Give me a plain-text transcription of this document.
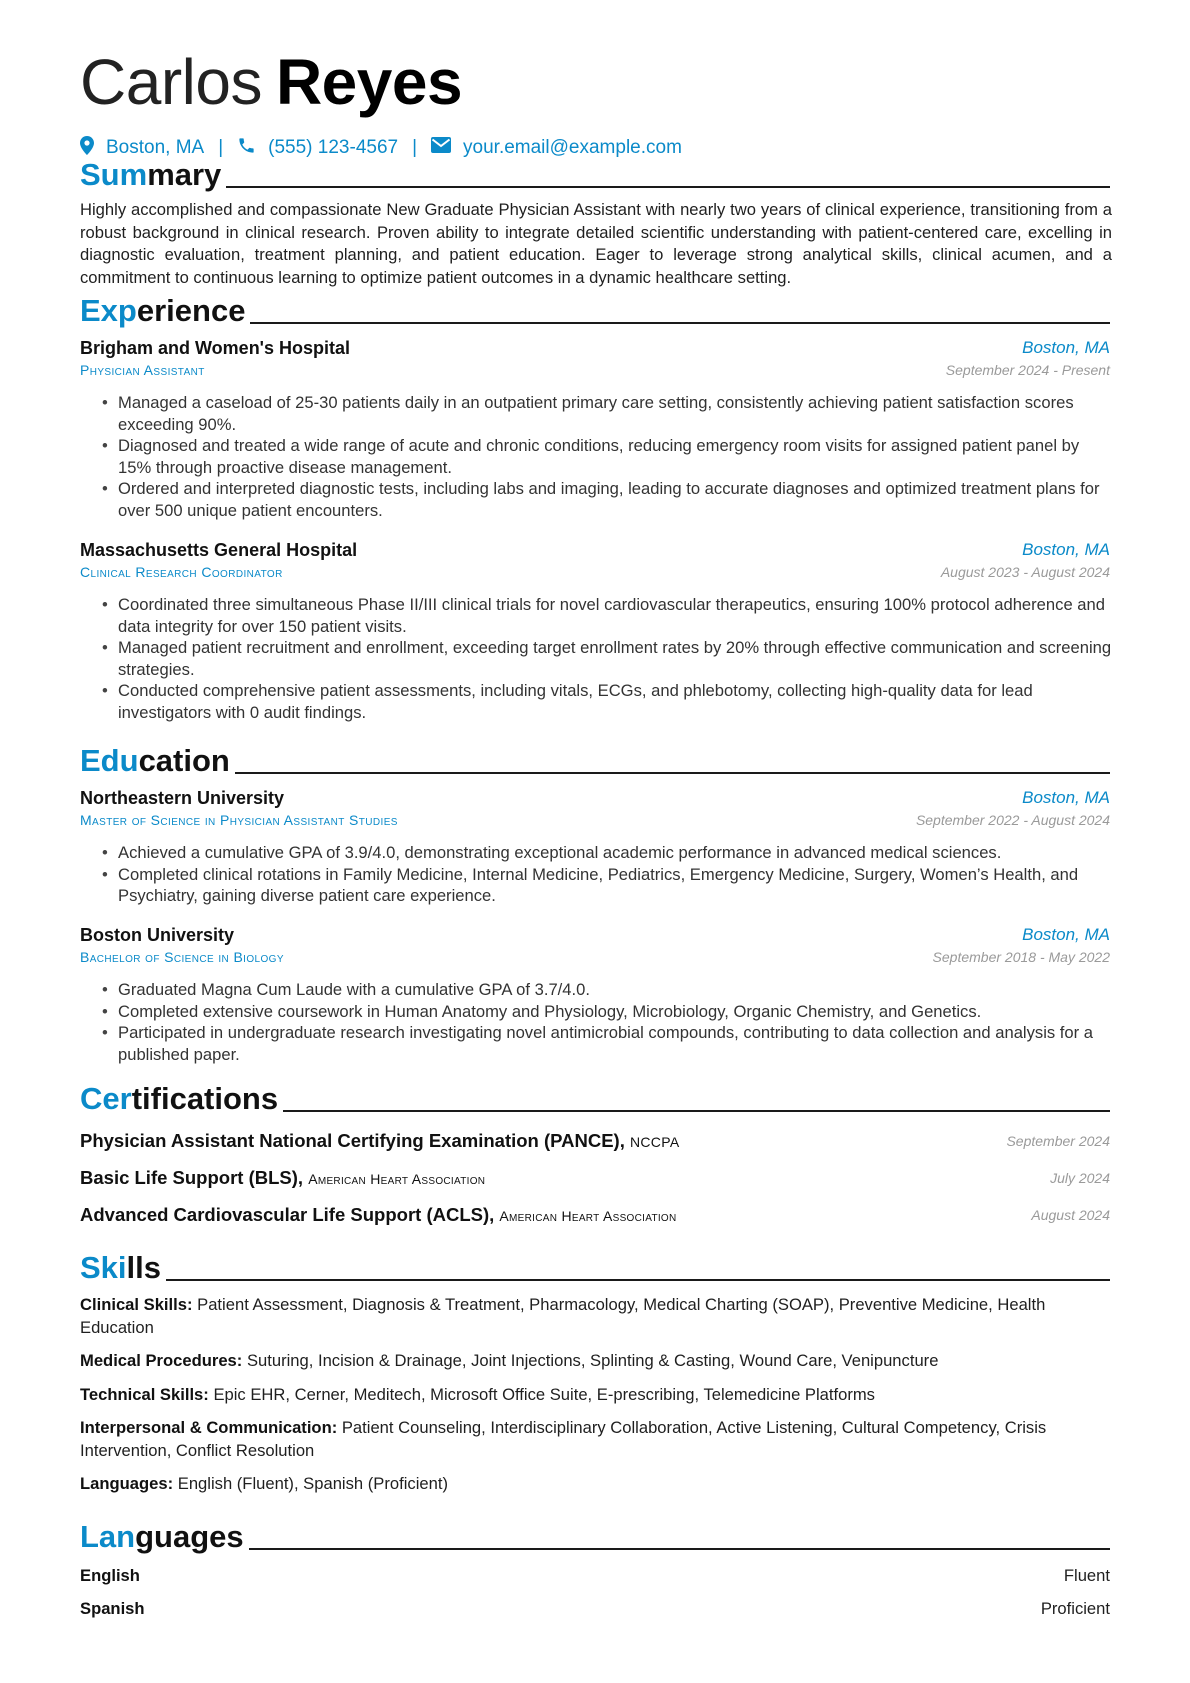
Carlos Reyes
Boston, MA | (555) 123-4567 | your.email@example.com
Summary
Highly accomplished and compassionate New Graduate Physician Assistant with nearly two years of clinical experience, transitioning from a robust background in clinical research. Proven ability to integrate detailed scientific understanding with patient-centered care, excelling in diagnostic evaluation, treatment planning, and patient education. Eager to leverage strong analytical skills, clinical acumen, and a commitment to continuous learning to optimize patient outcomes in a dynamic healthcare setting.
Experience
Brigham and Women's Hospital	Boston, MA
Physician Assistant	September 2024 - Present
• Managed a caseload of 25-30 patients daily in an outpatient primary care setting, consistently achieving patient satisfaction scores exceeding 90%.
• Diagnosed and treated a wide range of acute and chronic conditions, reducing emergency room visits for assigned patient panel by 15% through proactive disease management.
• Ordered and interpreted diagnostic tests, including labs and imaging, leading to accurate diagnoses and optimized treatment plans for over 500 unique patient encounters.
Massachusetts General Hospital	Boston, MA
Clinical Research Coordinator	August 2023 - August 2024
• Coordinated three simultaneous Phase II/III clinical trials for novel cardiovascular therapeutics, ensuring 100% protocol adherence and data integrity for over 150 patient visits.
• Managed patient recruitment and enrollment, exceeding target enrollment rates by 20% through effective communication and screening strategies.
• Conducted comprehensive patient assessments, including vitals, ECGs, and phlebotomy, collecting high-quality data for lead investigators with 0 audit findings.
Education
Northeastern University	Boston, MA
Master of Science in Physician Assistant Studies	September 2022 - August 2024
• Achieved a cumulative GPA of 3.9/4.0, demonstrating exceptional academic performance in advanced medical sciences.
• Completed clinical rotations in Family Medicine, Internal Medicine, Pediatrics, Emergency Medicine, Surgery, Women’s Health, and Psychiatry, gaining diverse patient care experience.
Boston University	Boston, MA
Bachelor of Science in Biology	September 2018 - May 2022
• Graduated Magna Cum Laude with a cumulative GPA of 3.7/4.0.
• Completed extensive coursework in Human Anatomy and Physiology, Microbiology, Organic Chemistry, and Genetics.
• Participated in undergraduate research investigating novel antimicrobial compounds, contributing to data collection and analysis for a published paper.
Certifications
Physician Assistant National Certifying Examination (PANCE), NCCPA	September 2024
Basic Life Support (BLS), American Heart Association	July 2024
Advanced Cardiovascular Life Support (ACLS), American Heart Association	August 2024
Skills
Clinical Skills: Patient Assessment, Diagnosis & Treatment, Pharmacology, Medical Charting (SOAP), Preventive Medicine, Health Education
Medical Procedures: Suturing, Incision & Drainage, Joint Injections, Splinting & Casting, Wound Care, Venipuncture
Technical Skills: Epic EHR, Cerner, Meditech, Microsoft Office Suite, E-prescribing, Telemedicine Platforms
Interpersonal & Communication: Patient Counseling, Interdisciplinary Collaboration, Active Listening, Cultural Competency, Crisis Intervention, Conflict Resolution
Languages: English (Fluent), Spanish (Proficient)
Languages
English	Fluent
Spanish	Proficient
